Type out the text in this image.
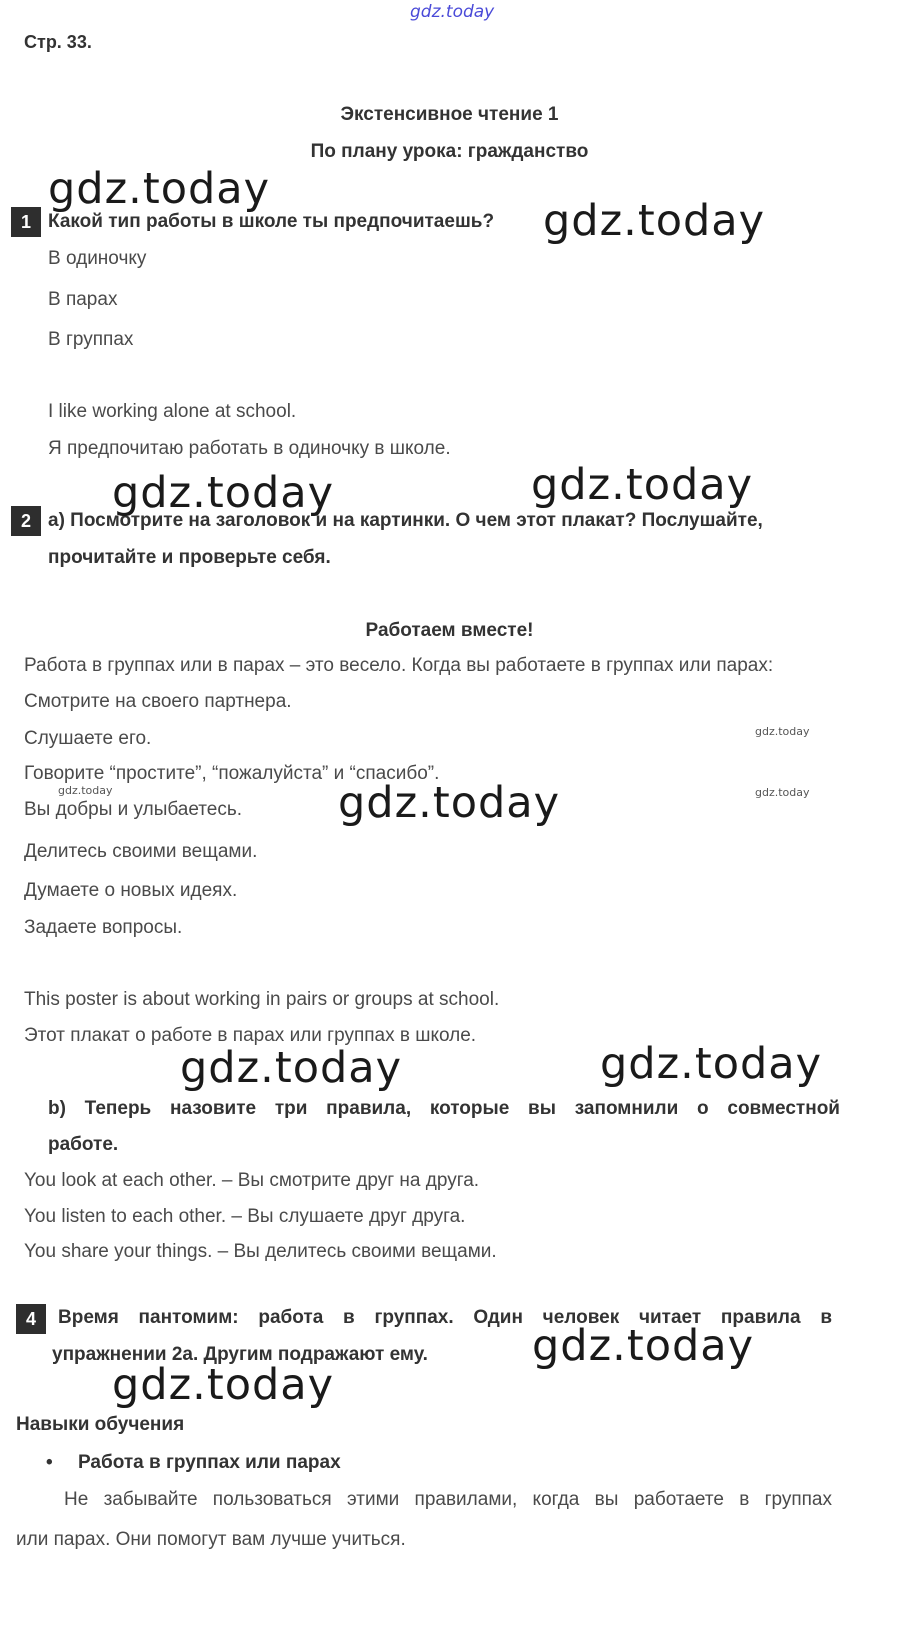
gdz.today
Стр. 33.
Экстенсивное чтение 1
По плану урока: гражданство
1 Какой тип работы в школе ты предпочитаешь?
В одиночку
В парах
В группах
I like working alone at school.
Я предпочитаю работать в одиночку в школе.
2 a) Посмотрите на заголовок и на картинки. О чем этот плакат? Послушайте,
прочитайте и проверьте себя.
Работаем вместе!
Работа в группах или в парах – это весело. Когда вы работаете в группах или парах:
Смотрите на своего партнера.
Слушаете его.
Говорите “простите”, “пожалуйста” и “спасибо”.
Вы добры и улыбаетесь.
Делитесь своими вещами.
Думаете о новых идеях.
Задаете вопросы.
This poster is about working in pairs or groups at school.
Этот плакат о работе в парах или группах в школе.
b) Теперь назовите три правила, которые вы запомнили о совместной
работе.
You look at each other. – Вы смотрите друг на друга.
You listen to each other. – Вы слушаете друг друга.
You share your things. – Вы делитесь своими вещами.
4	Время пантомим: работа в группах. Один человек читает правила в
упражнении 2a. Другим подражают ему.
Навыки обучения
• Работа в группах или парах
Не забывайте пользоваться этими правилами, когда вы работаете в группах
или парах. Они помогут вам лучше учиться.
gdz.today
gdz.today
gdz.today	gdz.today
gdz.today
gdz.today	gdz.today
gdz.today
gdz.today
gdz.today
gdz.today
gdz.today
